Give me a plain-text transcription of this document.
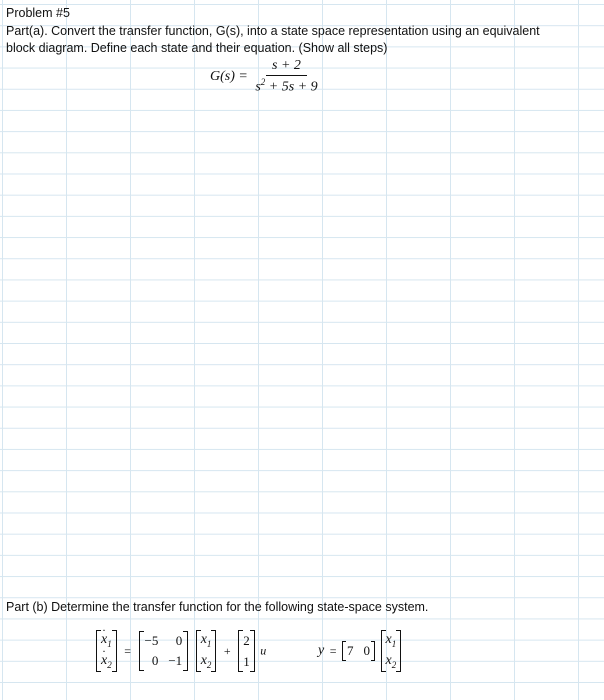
Problem #5
Part(a). Convert the transfer function, G(s), into a state space representation using an equivalent
block diagram. Define each state and their equation. (Show all steps)
$G(s) = \frac{s + 2}{s^2 + 5s + 9}$
Part (b) Determine the transfer function for the following state-space system.
$x \cdot_1$
$x \cdot_2$
=
−5	0
0 −1

$x_1$
$x_2$
+
2
1
u	y = 7 0
$x_1$
$x_2$
